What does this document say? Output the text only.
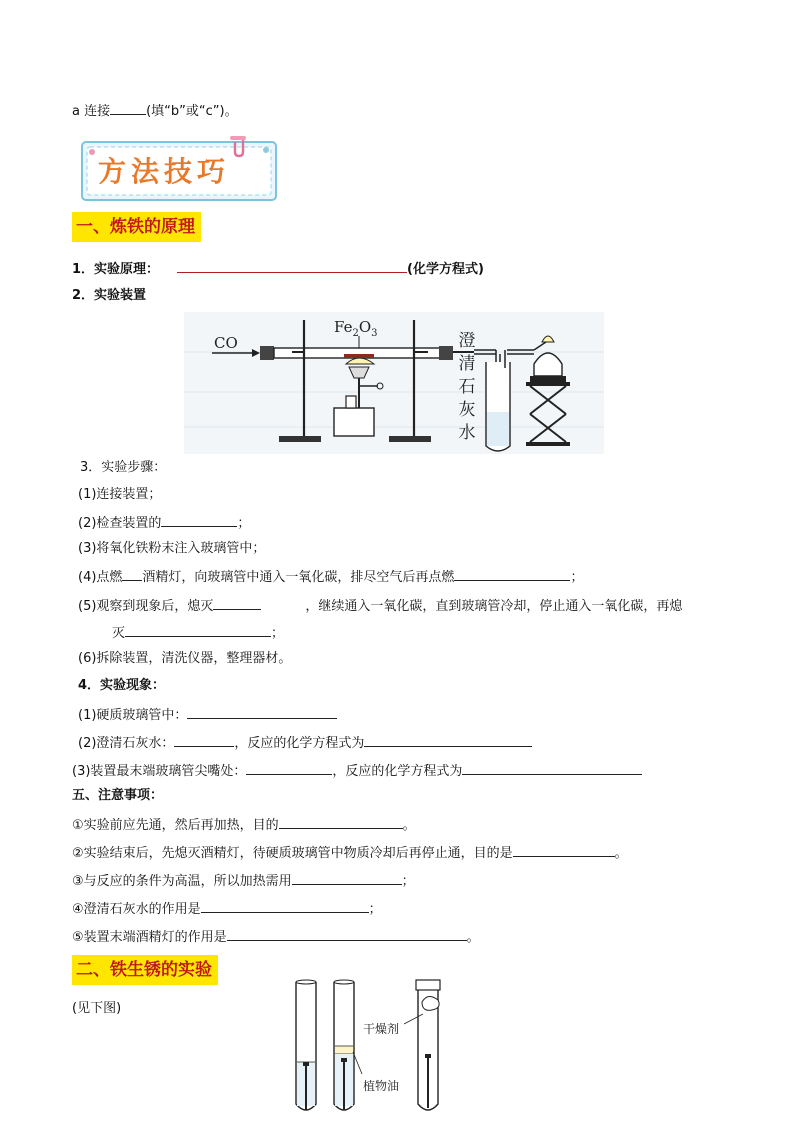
a 连接	(填“b”或“c”)。
方法技巧
一、炼铁的原理
1．实验原理：	(化学方程式)
2．实验装置
CO
$Fe_2O_3$	澄清石灰水
3．实验步骤：
(1)连接装置；
(2)检查装置的	；
(3)将氧化铁粉末注入玻璃管中；
(4)点燃 酒精灯，向玻璃管中通入一氧化碳，排尽空气后再点燃	；
(5)观察到现象后，熄灭	，继续通入一氧化碳，直到玻璃管冷却，停止通入一氧化碳，再熄
灭	；
(6)拆除装置，清洗仪器，整理器材。
4．实验现象：
(1)硬质玻璃管中：
(2)澄清石灰水：	，反应的化学方程式为
(3)装置最末端玻璃管尖嘴处：	，反应的化学方程式为
五、注意事项：
①实验前应先通，然后再加热，目的	。
②实验结束后，先熄灭酒精灯，待硬质玻璃管中物质冷却后再停止通，目的是	。
③与反应的条件为高温，所以加热需用	；
④澄清石灰水的作用是	；
⑤装置末端酒精灯的作用是	。
二、铁生锈的实验
(见下图)
干燥剂
植物油
